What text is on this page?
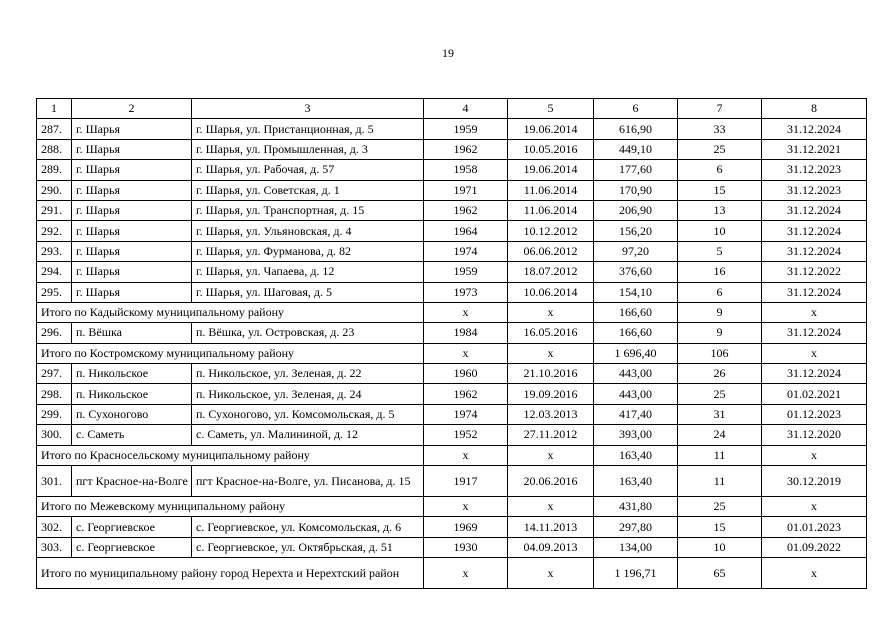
19
1	2	3	4	5	6	7	8
287.	г. Шарья	г. Шарья, ул. Пристанционная, д. 5	1959	19.06.2014	616,90	33	31.12.2024
288.	г. Шарья	г. Шарья, ул. Промышленная, д. 3	1962	10.05.2016	449,10	25	31.12.2021
289.	г. Шарья	г. Шарья, ул. Рабочая, д. 57	1958	19.06.2014	177,60	6	31.12.2023
290.	г. Шарья	г. Шарья, ул. Советская, д. 1	1971	11.06.2014	170,90	15	31.12.2023
291.	г. Шарья	г. Шарья, ул. Транспортная, д. 15	1962	11.06.2014	206,90	13	31.12.2024
292.	г. Шарья	г. Шарья, ул. Ульяновская, д. 4	1964	10.12.2012	156,20	10	31.12.2024
293.	г. Шарья	г. Шарья, ул. Фурманова, д. 82	1974	06.06.2012	97,20	5	31.12.2024
294.	г. Шарья	г. Шарья, ул. Чапаева, д. 12	1959	18.07.2012	376,60	16	31.12.2022
295.	г. Шарья	г. Шарья, ул. Шаговая, д. 5	1973	10.06.2014	154,10	6	31.12.2024
Итого по Кадыйскому муниципальному району			х	х	166,60	9	х
296.	п. Вёшка	п. Вёшка, ул. Островская, д. 23	1984	16.05.2016	166,60	9	31.12.2024
Итого по Костромскому муниципальному району			х	х	1 696,40	106	х
297.	п. Никольское	п. Никольское, ул. Зеленая, д. 22	1960	21.10.2016	443,00	26	31.12.2024
298.	п. Никольское	п. Никольское, ул. Зеленая, д. 24	1962	19.09.2016	443,00	25	01.02.2021
299.	п. Сухоногово	п. Сухоногово, ул. Комсомольская, д. 5	1974	12.03.2013	417,40	31	01.12.2023
300.	с. Саметь	с. Саметь, ул. Малининой, д. 12	1952	27.11.2012	393,00	24	31.12.2020
Итого по Красносельскому муниципальному району			х	х	163,40	11	х
301.	пгт Красное-на-Волге	пгт Красное-на-Волге, ул. Писанова, д. 15	1917	20.06.2016	163,40	11	30.12.2019
Итого по Межевскому муниципальному району			х	х	431,80	25	х
302.	с. Георгиевское	с. Георгиевское, ул. Комсомольская, д. 6	1969	14.11.2013	297,80	15	01.01.2023
303.	с. Георгиевское	с. Георгиевское, ул. Октябрьская, д. 51	1930	04.09.2013	134,00	10	01.09.2022
Итого по муниципальному району город Нерехта и Нерехтский район			х	х	1 196,71	65	х
